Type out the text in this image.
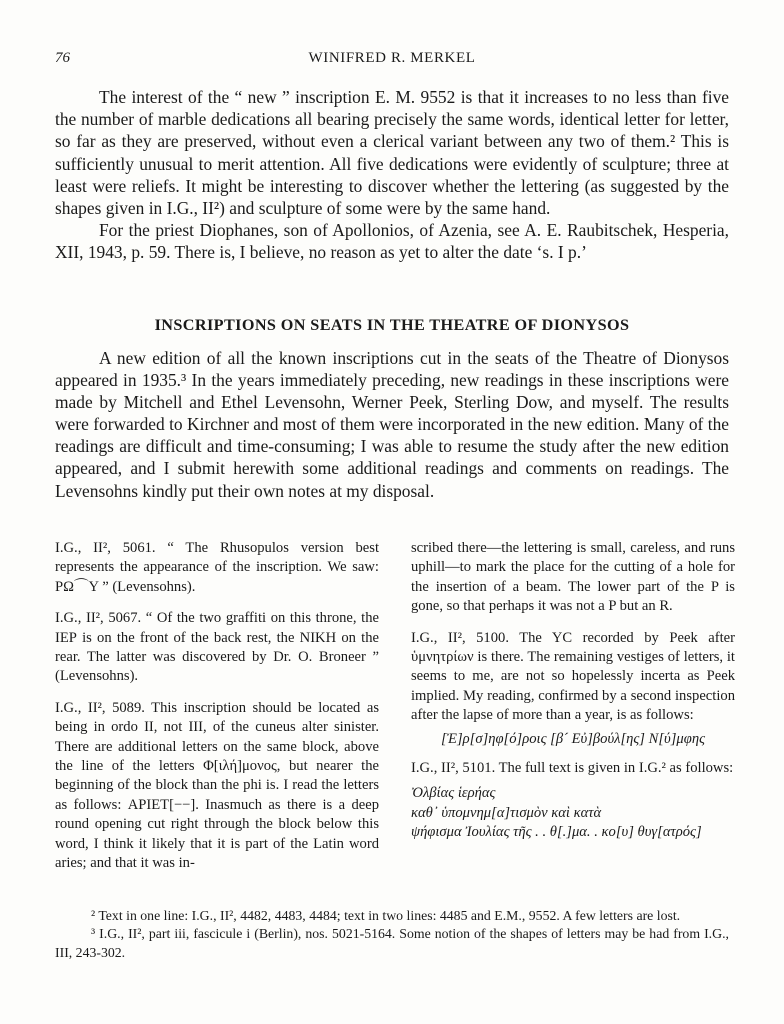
76	WINIFRED R. MERKEL

The interest of the “ new ” inscription E. M. 9552 is that it increases to no less than five the number of marble dedications all bearing precisely the same words, identical letter for letter, so far as they are preserved, without even a clerical variant between any two of them.² This is sufficiently unusual to merit attention. All five dedications were evidently of sculpture; three at least were reliefs. It might be interesting to discover whether the lettering (as suggested by the shapes given in I.G., II²) and sculpture of some were by the same hand.

For the priest Diophanes, son of Apollonios, of Azenia, see A. E. Raubitschek, Hesperia, XII, 1943, p. 59. There is, I believe, no reason as yet to alter the date ‘s. I p.’

INSCRIPTIONS ON SEATS IN THE THEATRE OF DIONYSOS

A new edition of all the known inscriptions cut in the seats of the Theatre of Dionysos appeared in 1935.³ In the years immediately preceding, new readings in these inscriptions were made by Mitchell and Ethel Levensohn, Werner Peek, Sterling Dow, and myself. The results were forwarded to Kirchner and most of them were incorporated in the new edition. Many of the readings are difficult and time-consuming; I was able to resume the study after the new edition appeared, and I submit herewith some additional readings and comments on readings. The Levensohns kindly put their own notes at my disposal.

I.G., II², 5061. “ The Rhusopulos version best represents the appearance of the inscription. We saw: ΡΩ⌒Υ ” (Levensohns).

I.G., II², 5067. “ Of the two graffiti on this throne, the ΙΕΡ is on the front of the back rest, the ΝΙΚΗ on the rear. The latter was discovered by Dr. O. Broneer ” (Levensohns).

I.G., II², 5089. This inscription should be located as being in ordo II, not III, of the cuneus alter sinister. There are additional letters on the same block, above the line of the letters Φ[ιλή]μονος, but nearer the beginning of the block than the phi is. I read the letters as follows: ΑΡΙΕΤ[−−]. Inasmuch as there is a deep round opening cut right through the block below this word, I think it likely that it is part of the Latin word aries; and that it was in-

scribed there—the lettering is small, careless, and runs uphill—to mark the place for the cutting of a hole for the insertion of a beam. The lower part of the P is gone, so that perhaps it was not a P but an R.

I.G., II², 5100. The YC recorded by Peek after ὑμνητρίων is there. The remaining vestiges of letters, it seems to me, are not so hopelessly incerta as Peek implied. My reading, confirmed by a second inspection after the lapse of more than a year, is as follows:

[Ἐ]ρ[σ]ηφ[ό]ροις [β´ Εὐ]βούλ[ης] Ν[ύ]μφης

I.G., II², 5101. The full text is given in I.G.² as follows:

Ὀλβίας ἱερήας
καθ᾽ ὑπομνημ[α]τισμὸν καὶ κατὰ
ψήφισμα Ἰουλίας τῆς . . θ[.]μα. . κο[υ] θυγ[ατρός]

² Text in one line: I.G., II², 4482, 4483, 4484; text in two lines: 4485 and E.M., 9552. A few letters are lost.

³ I.G., II², part iii, fascicule i (Berlin), nos. 5021-5164. Some notion of the shapes of letters may be had from I.G., III, 243-302.
